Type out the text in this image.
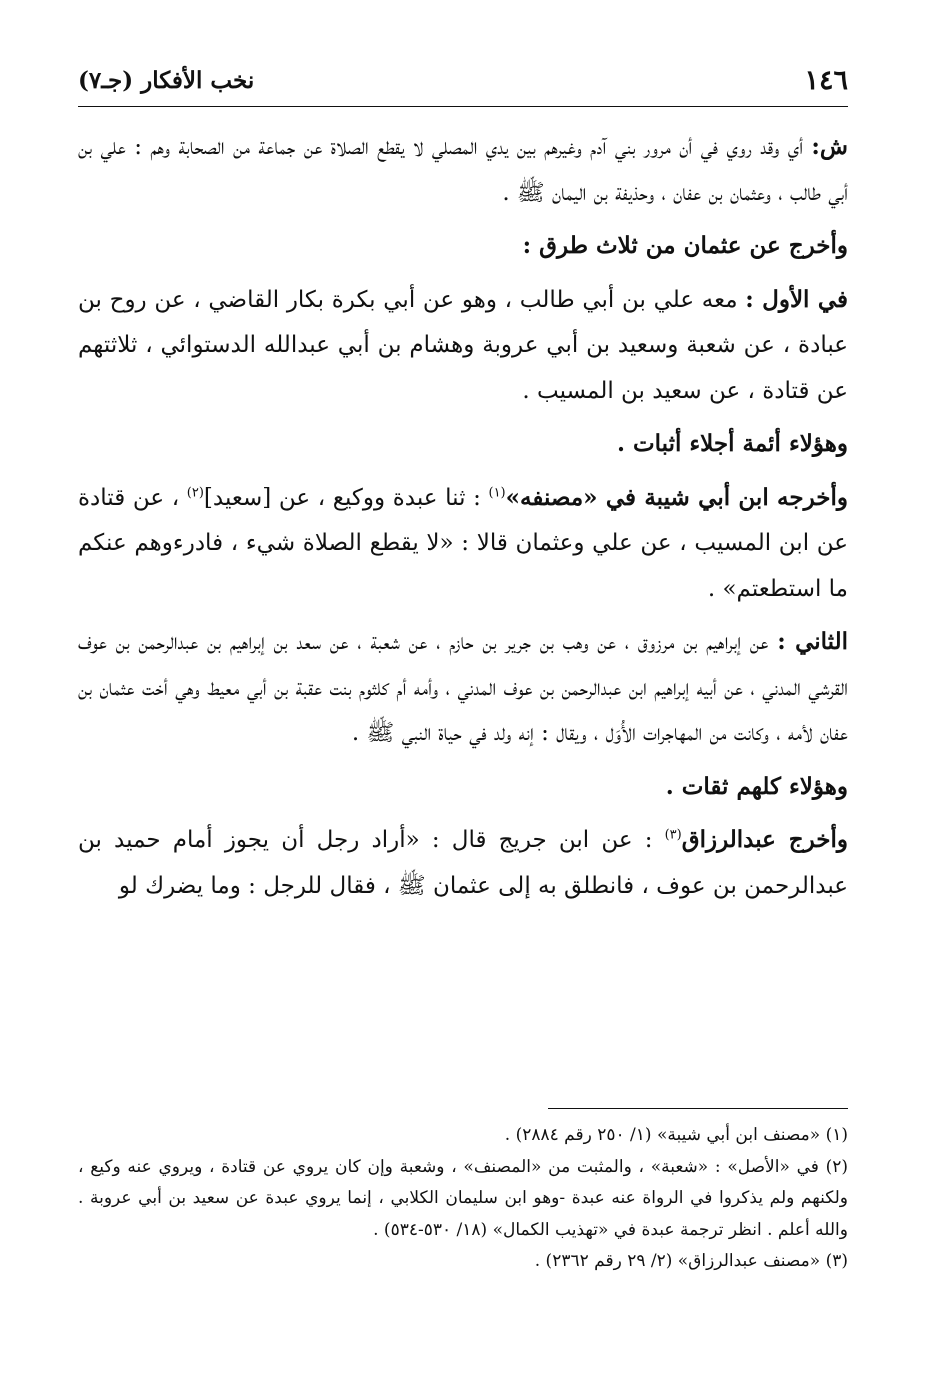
١٤٦
نخب الأفكار (جـ٧)

ش: أي وقد روي في أن مرور بني آدم وغيرهم بين يدي المصلي لا يقطع الصلاة عن جماعة من الصحابة وهم : علي بن أبي طالب ، وعثمان بن عفان ، وحذيفة بن اليمان ﷺ .

وأخرج عن عثمان من ثلاث طرق :

في الأول : معه علي بن أبي طالب ، وهو عن أبي بكرة بكار القاضي ، عن روح بن عبادة ، عن شعبة وسعيد بن أبي عروبة وهشام بن أبي عبدالله الدستوائي ، ثلاثتهم عن قتادة ، عن سعيد بن المسيب .

وهؤلاء أئمة أجلاء أثبات .

وأخرجه ابن أبي شيبة في «مصنفه»$^{(١)}$ : ثنا عبدة ووكيع ، عن [سعيد]$^{(٢)}$ ، عن قتادة عن ابن المسيب ، عن علي وعثمان قالا : «لا يقطع الصلاة شيء ، فادرءوهم عنكم ما استطعتم» .

الثاني : عن إبراهيم بن مرزوق ، عن وهب بن جرير بن حازم ، عن شعبة ، عن سعد بن إبراهيم بن عبدالرحمن بن عوف القرشي المدني ، عن أبيه إبراهيم ابن عبدالرحمن بن عوف المدني ، وأمه أم كلثوم بنت عقبة بن أبي معيط وهي أخت عثمان بن عفان لأمه ، وكانت من المهاجرات الأُوَل ، ويقال : إنه ولد في حياة النبي ﷺ .

وهؤلاء كلهم ثقات .

وأخرج عبدالرزاق$^{(٣)}$ : عن ابن جريج قال : «أراد رجل أن يجوز أمام حميد بن عبدالرحمن بن عوف ، فانطلق به إلى عثمان ﷺ ، فقال للرجل : وما يضرك لو

(١) «مصنف ابن أبي شيبة» (١/ ٢٥٠ رقم ٢٨٨٤) .

(٢) في «الأصل» : «شعبة» ، والمثبت من «المصنف» ، وشعبة وإن كان يروي عن قتادة ، ويروي عنه وكيع ، ولكنهم ولم يذكروا في الرواة عنه عبدة -وهو ابن سليمان الكلابي ، إنما يروي عبدة عن سعيد بن أبي عروبة . والله أعلم . انظر ترجمة عبدة في «تهذيب الكمال» (١٨/ ٥٣٠-٥٣٤) .

(٣) «مصنف عبدالرزاق» (٢/ ٢٩ رقم ٢٣٦٢) .
